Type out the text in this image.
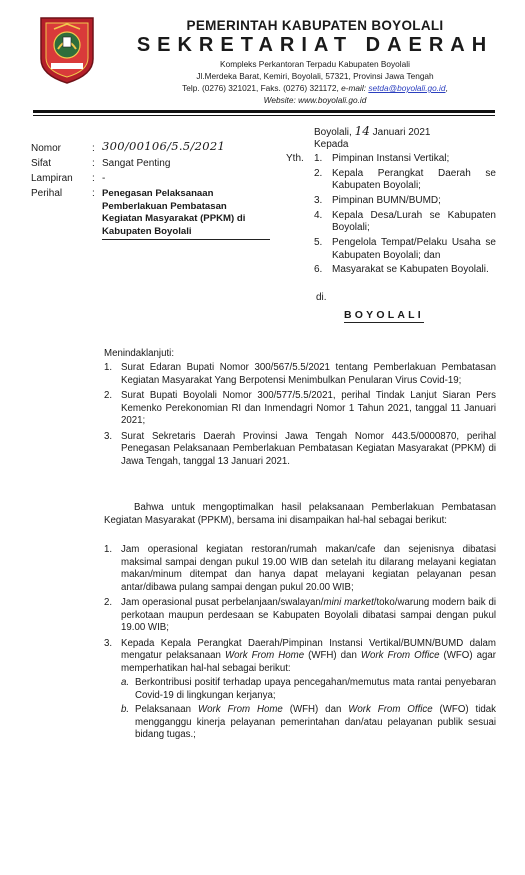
PEMERINTAH KABUPATEN BOYOLALI
SEKRETARIAT DAERAH
Kompleks Perkantoran Terpadu Kabupaten Boyolali
Jl.Merdeka Barat, Kemiri, Boyolali, 57321, Provinsi Jawa Tengah
Telp. (0276) 321021, Faks. (0276) 321172, e-mail: setda@boyolali.go.id,
Website: www.boyolali.go.id
Nomor	: 300/00106/5.5/2021
Sifat	: Sangat Penting
Lampiran	: -
Perihal	: Penegasan Pelaksanaan
Pemberlakuan Pembatasan
Kegiatan Masyarakat (PPKM) di
Kabupaten Boyolali
Boyolali, 14 Januari 2021
Kepada
Yth. 1. Pimpinan Instansi Vertikal;
2. Kepala Perangkat Daerah se Kabupaten Boyolali;
3. Pimpinan BUMN/BUMD;
4. Kepala Desa/Lurah se Kabupaten Boyolali;
5. Pengelola Tempat/Pelaku Usaha se Kabupaten Boyolali; dan
6. Masyarakat se Kabupaten Boyolali.
di.
BOYOLALI
Menindaklanjuti:
1. Surat Edaran Bupati Nomor 300/567/5.5/2021 tentang Pemberlakuan Pembatasan Kegiatan Masyarakat Yang Berpotensi Menimbulkan Penularan Virus Covid-19;
2. Surat Bupati Boyolali Nomor 300/577/5.5/2021, perihal Tindak Lanjut Siaran Pers Kemenko Perekonomian RI dan Inmendagri Nomor 1 Tahun 2021, tanggal 11 Januari 2021;
3. Surat Sekretaris Daerah Provinsi Jawa Tengah Nomor 443.5/0000870, perihal Penegasan Pelaksanaan Pemberlakuan Pembatasan Kegiatan Masyarakat (PPKM) di Jawa Tengah, tanggal 13 Januari 2021.
Bahwa untuk mengoptimalkan hasil pelaksanaan Pemberlakuan Pembatasan Kegiatan Masyarakat (PPKM), bersama ini disampaikan hal-hal sebagai berikut:
1. Jam operasional kegiatan restoran/rumah makan/cafe dan sejenisnya dibatasi maksimal sampai dengan pukul 19.00 WIB dan setelah itu dilarang melayani kegiatan makan/minum ditempat dan hanya dapat melayani kegiatan pelayanan pesan antar/dibawa pulang sampai dengan pukul 20.00 WIB;
2. Jam operasional pusat perbelanjaan/swalayan/mini market/toko/warung modern baik di perkotaan maupun perdesaan se Kabupaten Boyolali dibatasi sampai dengan pukul 19.00 WIB;
3. Kepada Kepala Perangkat Daerah/Pimpinan Instansi Vertikal/BUMN/BUMD dalam mengatur pelaksanaan Work From Home (WFH) dan Work From Office (WFO) agar memperhatikan hal-hal sebagai berikut:
a. Berkontribusi positif terhadap upaya pencegahan/memutus mata rantai penyebaran Covid-19 di lingkungan kerjanya;
b. Pelaksanaan Work From Home (WFH) dan Work From Office (WFO) tidak mengganggu kinerja pelayanan pemerintahan dan/atau pelayanan publik sesuai bidang tugas.;
